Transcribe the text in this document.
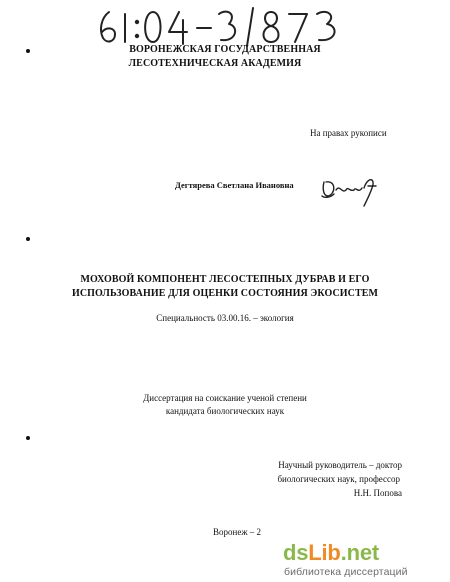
ВОРОНЕЖСКАЯ ГОСУДАРСТВЕННАЯ

ЛЕСОТЕХНИЧЕСКАЯ АКАДЕМИЯ
На правах рукописи
Дегтярева Светлана Ивановна
МОХОВОЙ КОМПОНЕНТ ЛЕСОСТЕПНЫХ ДУБРАВ И ЕГО
ИСПОЛЬЗОВАНИЕ ДЛЯ ОЦЕНКИ СОСТОЯНИЯ ЭКОСИСТЕМ
Специальность 03.00.16. – экология
Диссертация на соискание ученой степени
кандидата биологических наук
Научный руководитель – доктор
биологических наук, профессор
Н.Н. Попова
Воронеж – 2
dsLib.net
библиотека диссертаций
